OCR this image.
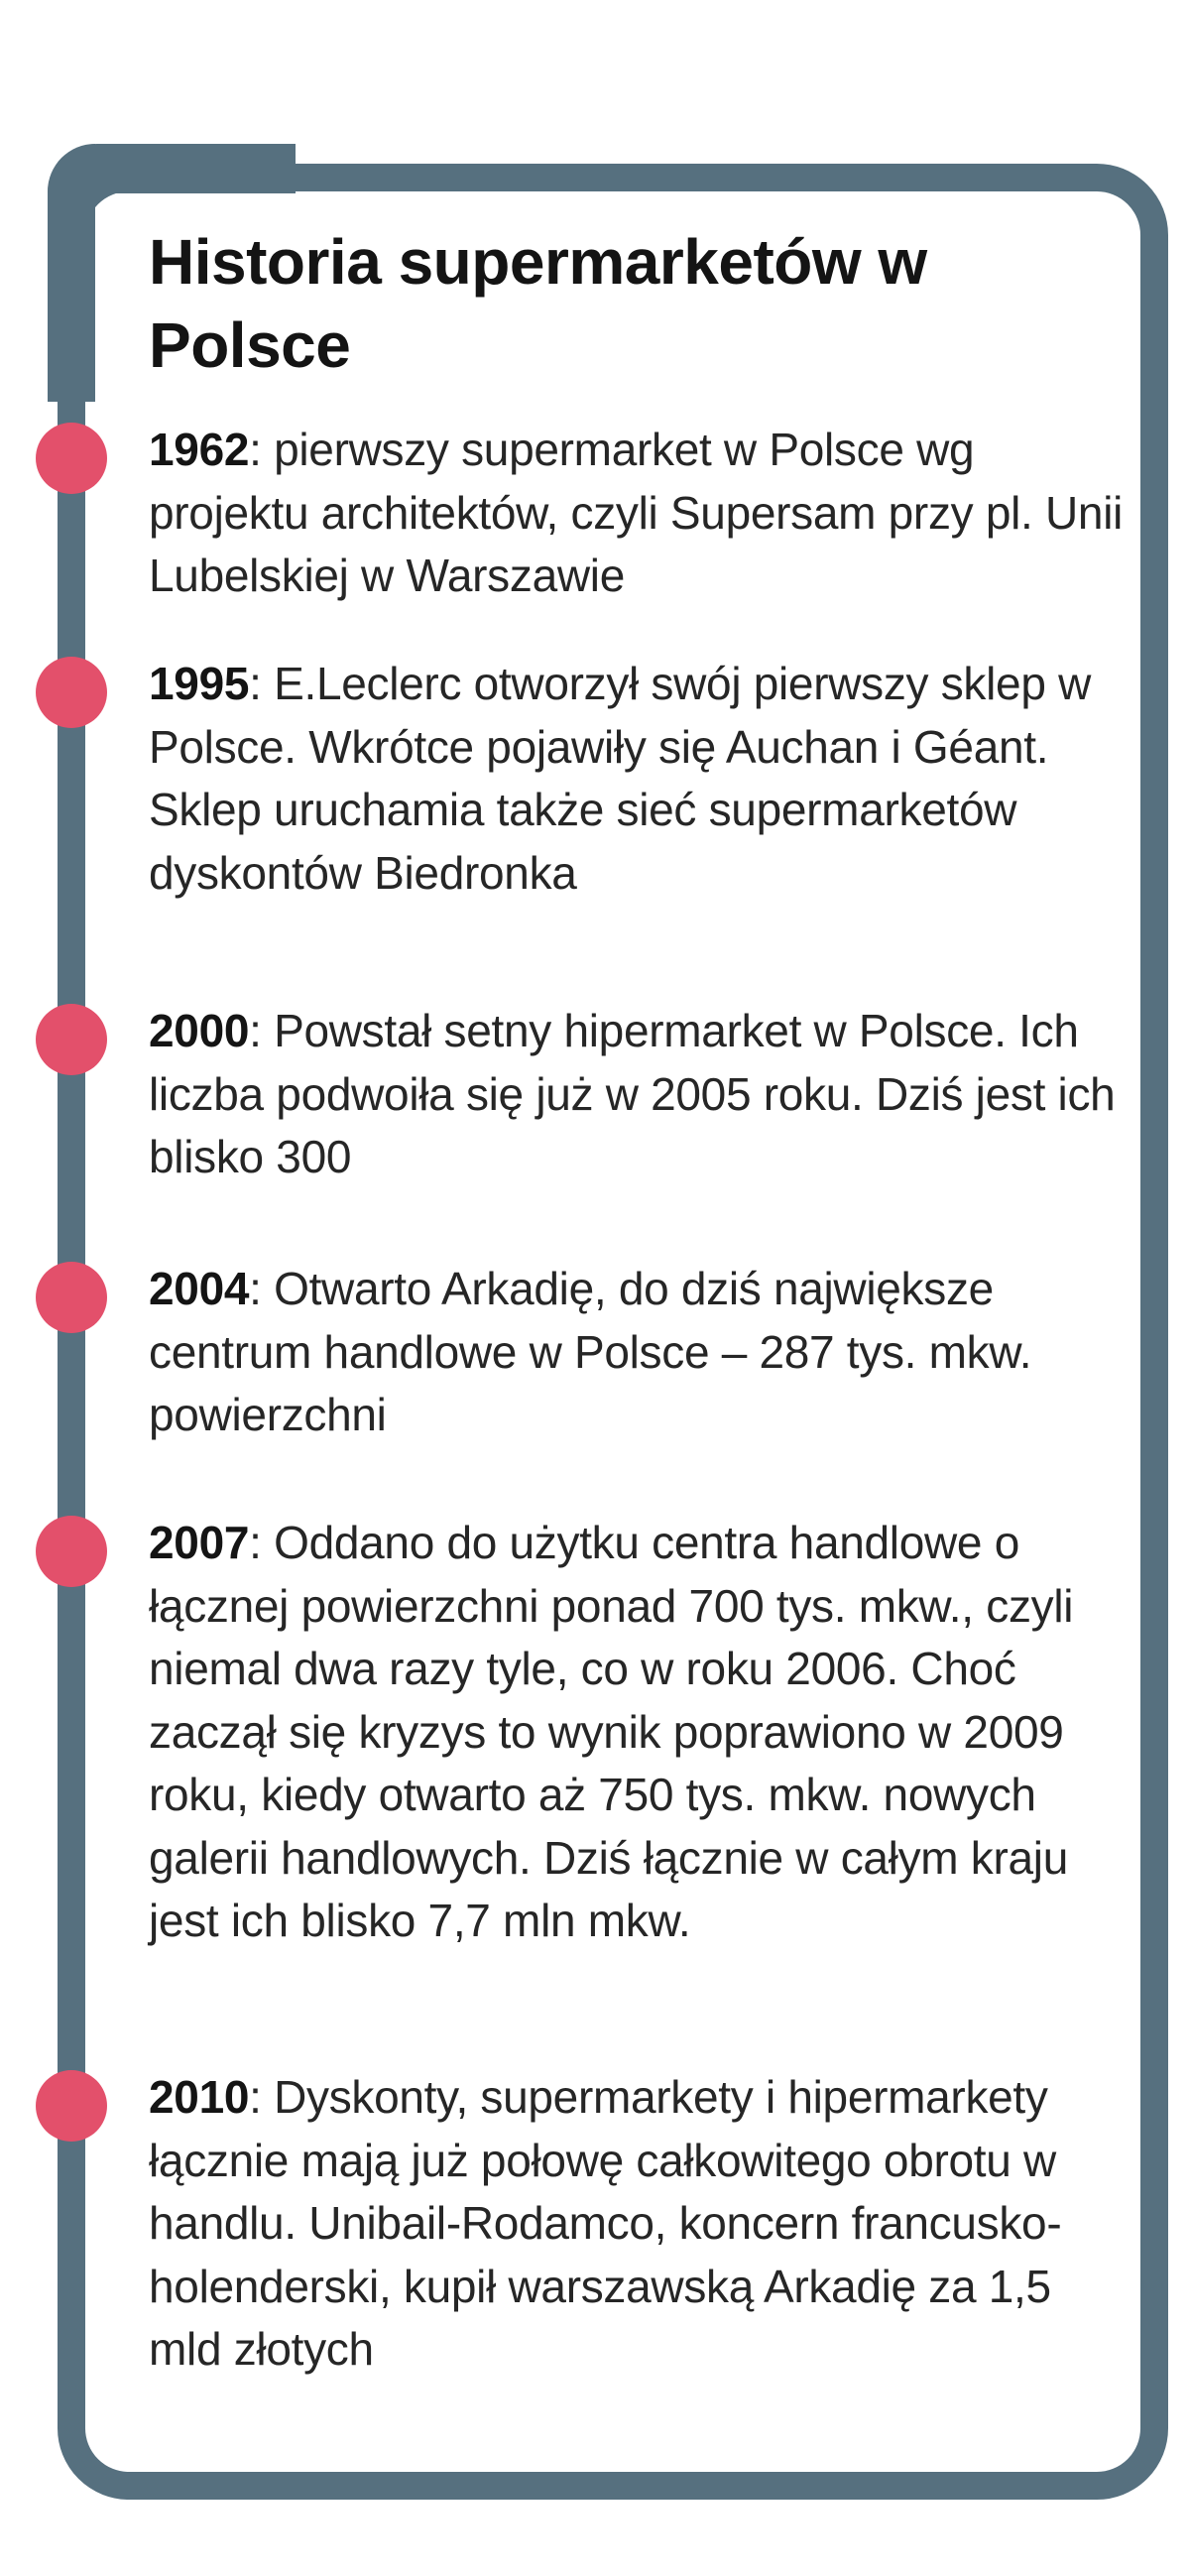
Historia supermarketów w Polsce
1962: pierwszy supermarket w Polsce wg projektu architektów, czyli Supersam przy pl. Unii Lubelskiej w Warszawie
1995: E.Leclerc otworzył swój pierwszy sklep w Polsce. Wkrótce pojawiły się Auchan i Géant. Sklep uruchamia także sieć supermarketów dyskontów Biedronka
2000: Powstał setny hipermarket w Polsce. Ich liczba podwoiła się już w 2005 roku. Dziś jest ich blisko 300
2004: Otwarto Arkadię, do dziś największe centrum handlowe w Polsce – 287 tys. mkw. powierzchni
2007: Oddano do użytku centra handlowe o łącznej powierzchni ponad 700 tys. mkw., czyli niemal dwa razy tyle, co w roku 2006. Choć zaczął się kryzys to wynik poprawiono w 2009 roku, kiedy otwarto aż 750 tys. mkw. nowych galerii handlowych. Dziś łącznie w całym kraju jest ich blisko 7,7 mln mkw.
2010: Dyskonty, supermarkety i hipermarkety łącznie mają już połowę całkowitego obrotu w handlu. Unibail-Rodamco, koncern francusko-holenderski, kupił warszawską Arkadię za 1,5 mld złotych
